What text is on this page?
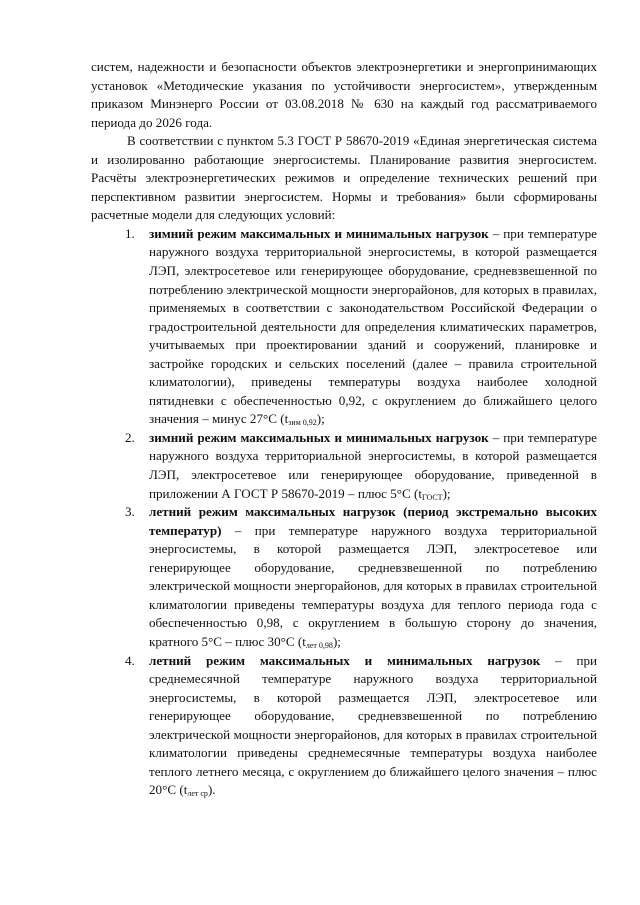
систем, надежности и безопасности объектов электроэнергетики и энергопринимающих установок «Методические указания по устойчивости энергосистем», утвержденным приказом Минэнерго России от 03.08.2018 № 630 на каждый год рассматриваемого периода до 2026 года.

В соответствии с пунктом 5.3 ГОСТ Р 58670-2019 «Единая энергетическая система и изолированно работающие энергосистемы. Планирование развития энергосистем. Расчёты электроэнергетических режимов и определение технических решений при перспективном развитии энергосистем. Нормы и требования» были сформированы расчетные модели для следующих условий:

1. зимний режим максимальных и минимальных нагрузок – при температуре наружного воздуха территориальной энергосистемы, в которой размещается ЛЭП, электросетевое или генерирующее оборудование, средневзвешенной по потреблению электрической мощности энергорайонов, для которых в правилах, применяемых в соответствии с законодательством Российской Федерации о градостроительной деятельности для определения климатических параметров, учитываемых при проектировании зданий и сооружений, планировке и застройке городских и сельских поселений (далее – правила строительной климатологии), приведены температуры воздуха наиболее холодной пятидневки с обеспеченностью 0,92, с округлением до ближайшего целого значения – минус 27°C $(t_{зим 0,92})$;
2. зимний режим максимальных и минимальных нагрузок – при температуре наружного воздуха территориальной энергосистемы, в которой размещается ЛЭП, электросетевое или генерирующее оборудование, приведенной в приложении А ГОСТ Р 58670-2019 – плюс 5°C $(t_{ГОСТ})$;
3. летний режим максимальных нагрузок (период экстремально высоких температур) – при температуре наружного воздуха территориальной энергосистемы, в которой размещается ЛЭП, электросетевое или генерирующее оборудование, средневзвешенной по потреблению электрической мощности энергорайонов, для которых в правилах строительной климатологии приведены температуры воздуха для теплого периода года с обеспеченностью 0,98, с округлением в большую сторону до значения, кратного 5°C – плюс 30°C $(t_{лет 0,98})$;
4. летний режим максимальных и минимальных нагрузок – при среднемесячной температуре наружного воздуха территориальной энергосистемы, в которой размещается ЛЭП, электросетевое или генерирующее оборудование, средневзвешенной по потреблению электрической мощности энергорайонов, для которых в правилах строительной климатологии приведены среднемесячные температуры воздуха наиболее теплого летнего месяца, с округлением до ближайшего целого значения – плюс 20°C $(t_{лет ср})$.
